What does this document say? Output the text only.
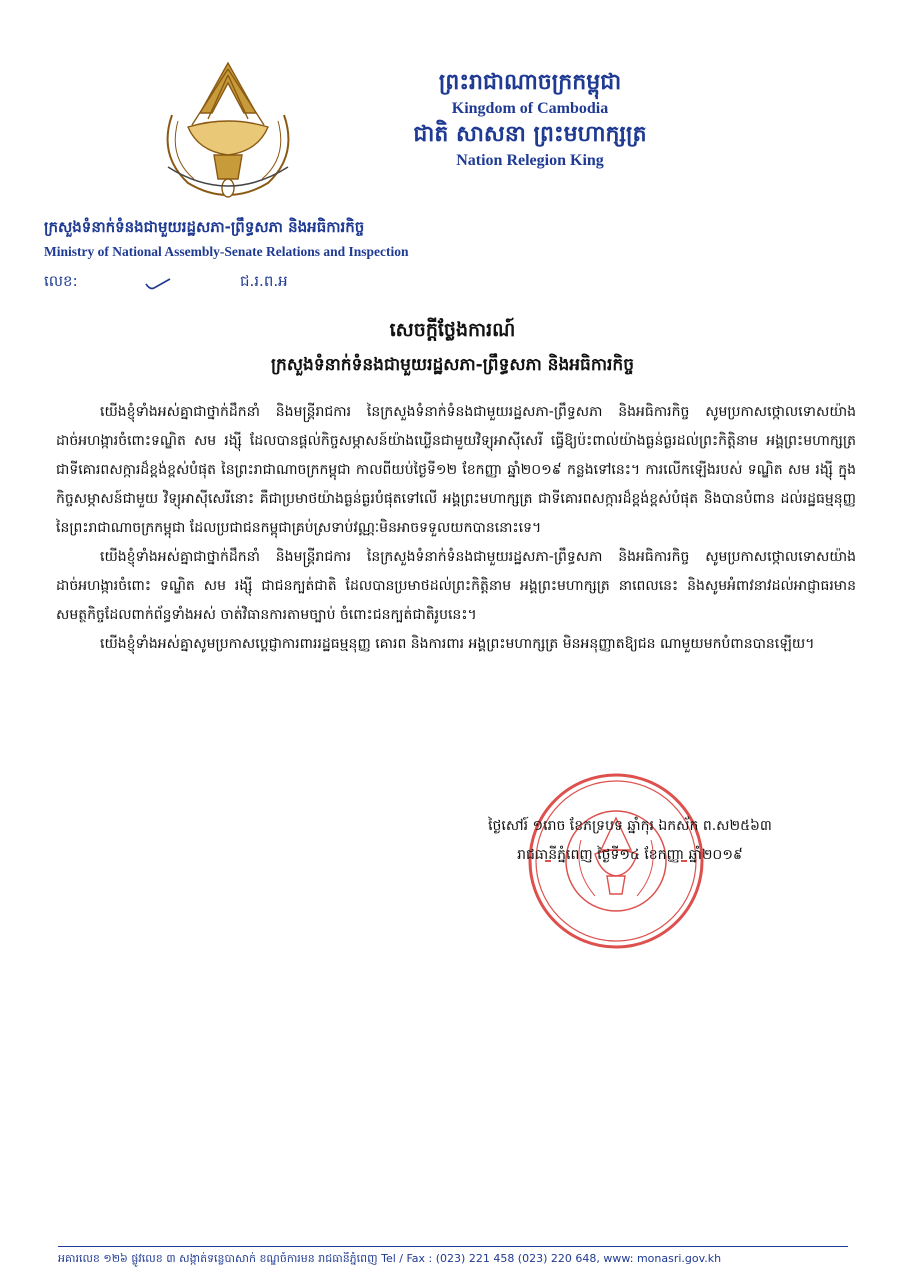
ព្រះរាជាណាចក្រកម្ពុជា
Kingdom of Cambodia
ជាតិ សាសនា ព្រះមហាក្សត្រ
Nation Relegion King
ក្រសួងទំនាក់ទំនងជាមួយរដ្ឋសភា-ព្រឹទ្ធសភា និងអធិការកិច្ច
Ministry of National Assembly-Senate Relations and Inspection
លេខ:	ជ.រ.ព.អ
សេចក្តីថ្លែងការណ៍
ក្រសួងទំនាក់ទំនងជាមួយរដ្ឋសភា-ព្រឹទ្ធសភា និងអធិការកិច្ច

យើងខ្ញុំទាំងអស់គ្នាជាថ្នាក់ដឹកនាំ និងមន្ត្រីរាជការ នៃក្រសួងទំនាក់ទំនងជាមួយរដ្ឋសភា-ព្រឹទ្ធសភា និងអធិការកិច្ច សូមប្រកាសថ្កោលទោសយ៉ាងដាច់អហង្ការចំពោះទណ្ឌិត សម រង្ស៊ី ដែលបានផ្តល់កិច្ចសម្ភាសន៍យ៉ាងឃ្លើនជាមួយវិទ្យុអាស៊ីសេរី ធ្វើឱ្យប៉ះពាល់យ៉ាងធ្ងន់ធ្ងរដល់ព្រះកិត្តិនាម អង្គព្រះមហាក្សត្រ ជាទីគោរពសក្ការដ៏ខ្ពង់ខ្ពស់បំផុត នៃព្រះរាជាណាចក្រកម្ពុជា កាលពីយប់ថ្ងៃទី១២ ខែកញ្ញា ឆ្នាំ២០១៩ កន្លងទៅនេះ។ ការលើកឡើងរបស់ ទណ្ឌិត សម រង្ស៊ី ក្នុងកិច្ចសម្ភាសន៍ជាមួយ វិទ្យុអាស៊ីសេរីនោះ គឺជាប្រមាថយ៉ាងធ្ងន់ធ្ងរបំផុតទៅលើ អង្គព្រះមហាក្សត្រ ជាទីគោរពសក្ការដ៏ខ្ពង់ខ្ពស់បំផុត និងបានបំពាន ដល់រដ្ឋធម្មនុញ្ញ នៃព្រះរាជាណាចក្រកម្ពុជា ដែលប្រជាជនកម្ពុជាគ្រប់ស្រទាប់វណ្ណៈមិនអាចទទួលយកបាននោះទេ។

យើងខ្ញុំទាំងអស់គ្នាជាថ្នាក់ដឹកនាំ និងមន្ត្រីរាជការ នៃក្រសួងទំនាក់ទំនងជាមួយរដ្ឋសភា-ព្រឹទ្ធសភា និងអធិការកិច្ច សូមប្រកាសថ្កោលទោសយ៉ាងដាច់អហង្ការចំពោះ ទណ្ឌិត សម រង្ស៊ី ជាជនក្បត់ជាតិ ដែលបានប្រមាថដល់ព្រះកិត្តិនាម អង្គព្រះមហាក្សត្រ នាពេលនេះ និងសូមអំពាវនាវដល់អាជ្ញាធរមានសមត្ថកិច្ចដែលពាក់ព័ន្ធទាំងអស់ ចាត់វិធានការតាមច្បាប់ ចំពោះជនក្បត់ជាតិរូបនេះ។

យើងខ្ញុំទាំងអស់គ្នាសូមប្រកាសប្តេជ្ញាការពាររដ្ឋធម្មនុញ្ញ គោរព និងការពារ អង្គព្រះមហាក្សត្រ មិនអនុញ្ញាតឱ្យជន ណាមួយមកបំពានបានឡើយ។

ថ្ងៃសៅរ៍ ១រោច ខែភទ្របទ ឆ្នាំកុរ ឯកស័ក ព.ស២៥៦៣
រាជធានីភ្នំពេញ ថ្ងៃទី១៤ ខែកញ្ញា ឆ្នាំ២០១៩
អគារលេខ ១២៦ ផ្លូវលេខ ៣ សង្កាត់ទន្លេបាសាក់ ខណ្ឌចំការមន រាជធានីភ្នំពេញ Tel / Fax : (023) 221 458 (023) 220 648, www: monasri.gov.kh
